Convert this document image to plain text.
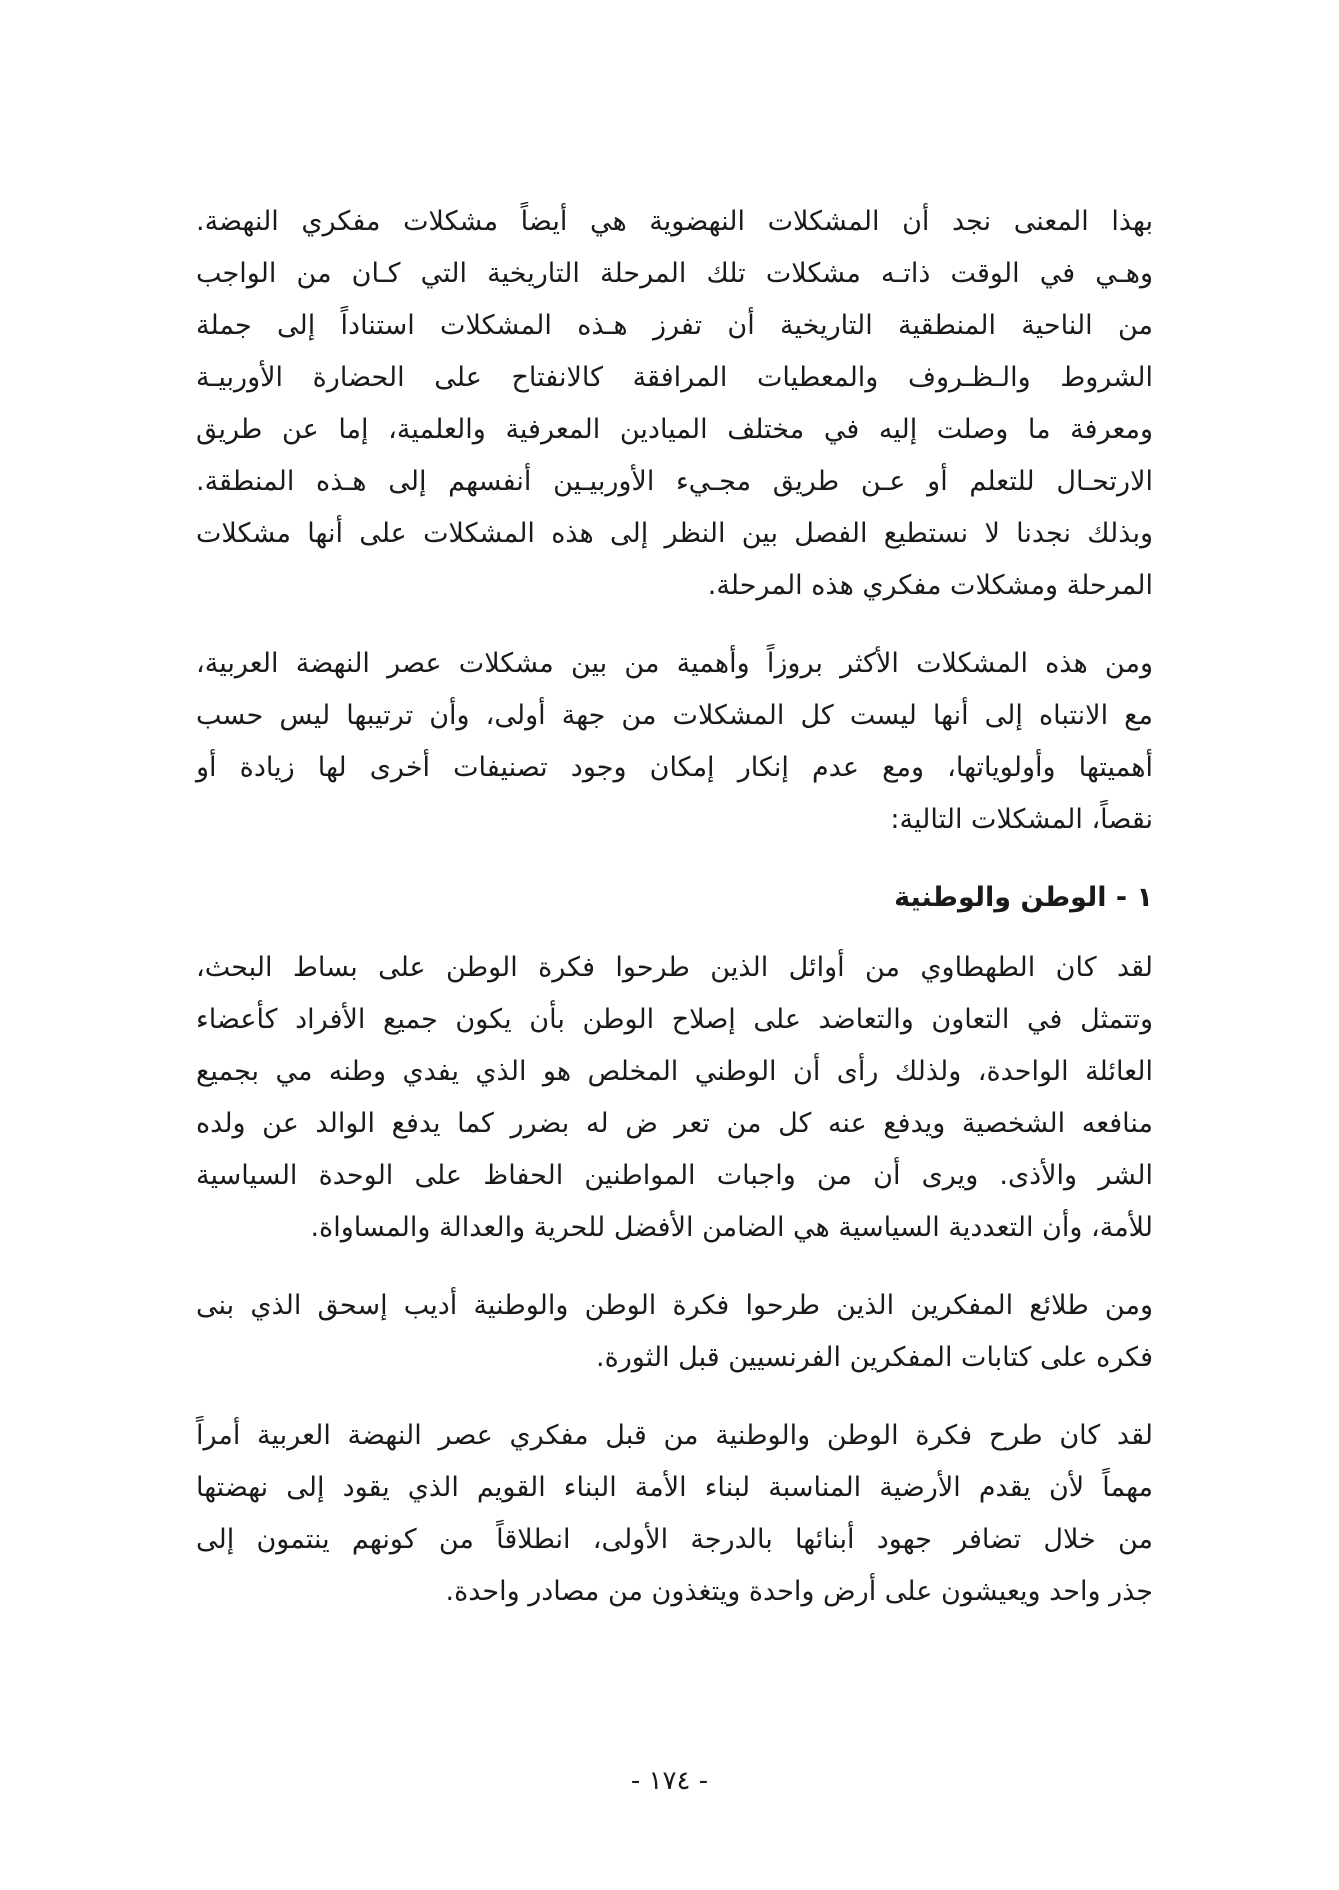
بهذا المعنى نجد أن المشكلات النهضوية هي أيضاً مشكلات مفكري النهضة.
وهـي في الوقت ذاتـه مشكلات تلك المرحلة التاريخية التي كـان من الواجب
من الناحية المنطقية التاريخية أن تفرز هـذه المشكلات استناداً إلى جملة
الشروط والـظـروف والمعطيات المرافقة كالانفتاح على الحضارة الأوربيـة
ومعرفة ما وصلت إليه في مختلف الميادين المعرفية والعلمية، إما عن طريق
الارتحـال للتعلم أو عـن طريق مجـيء الأوربيـين أنفسهم إلى هـذه المنطقة.
وبذلك نجدنا لا نستطيع الفصل بين النظر إلى هذه المشكلات على أنها مشكلات
المرحلة ومشكلات مفكري هذه المرحلة.

ومن هذه المشكلات الأكثر بروزاً وأهمية من بين مشكلات عصر النهضة العربية،
مع الانتباه إلى أنها ليست كل المشكلات من جهة أولى، وأن ترتيبها ليس حسب
أهميتها وأولوياتها، ومع عدم إنكار إمكان وجود تصنيفات أخرى لها زيادة أو
نقصاً، المشكلات التالية:

١ - الوطن والوطنية

لقد كان الطهطاوي من أوائل الذين طرحوا فكرة الوطن على بساط البحث،
وتتمثل في التعاون والتعاضد على إصلاح الوطن بأن يكون جميع الأفراد كأعضاء
العائلة الواحدة، ولذلك رأى أن الوطني المخلص هو الذي يفدي وطنه مي بجميع
منافعه الشخصية ويدفع عنه كل من تعر ض له بضرر كما يدفع الوالد عن ولده
الشر والأذى. ويرى أن من واجبات المواطنين الحفاظ على الوحدة السياسية
للأمة، وأن التعددية السياسية هي الضامن الأفضل للحرية والعدالة والمساواة.

ومن طلائع المفكرين الذين طرحوا فكرة الوطن والوطنية أديب إسحق الذي بنى
فكره على كتابات المفكرين الفرنسيين قبل الثورة.

لقد كان طرح فكرة الوطن والوطنية من قبل مفكري عصر النهضة العربية أمراً
مهماً لأن يقدم الأرضية المناسبة لبناء الأمة البناء القويم الذي يقود إلى نهضتها
من خلال تضافر جهود أبنائها بالدرجة الأولى، انطلاقاً من كونهم ينتمون إلى
جذر واحد ويعيشون على أرض واحدة ويتغذون من مصادر واحدة.

- ١٧٤ -
